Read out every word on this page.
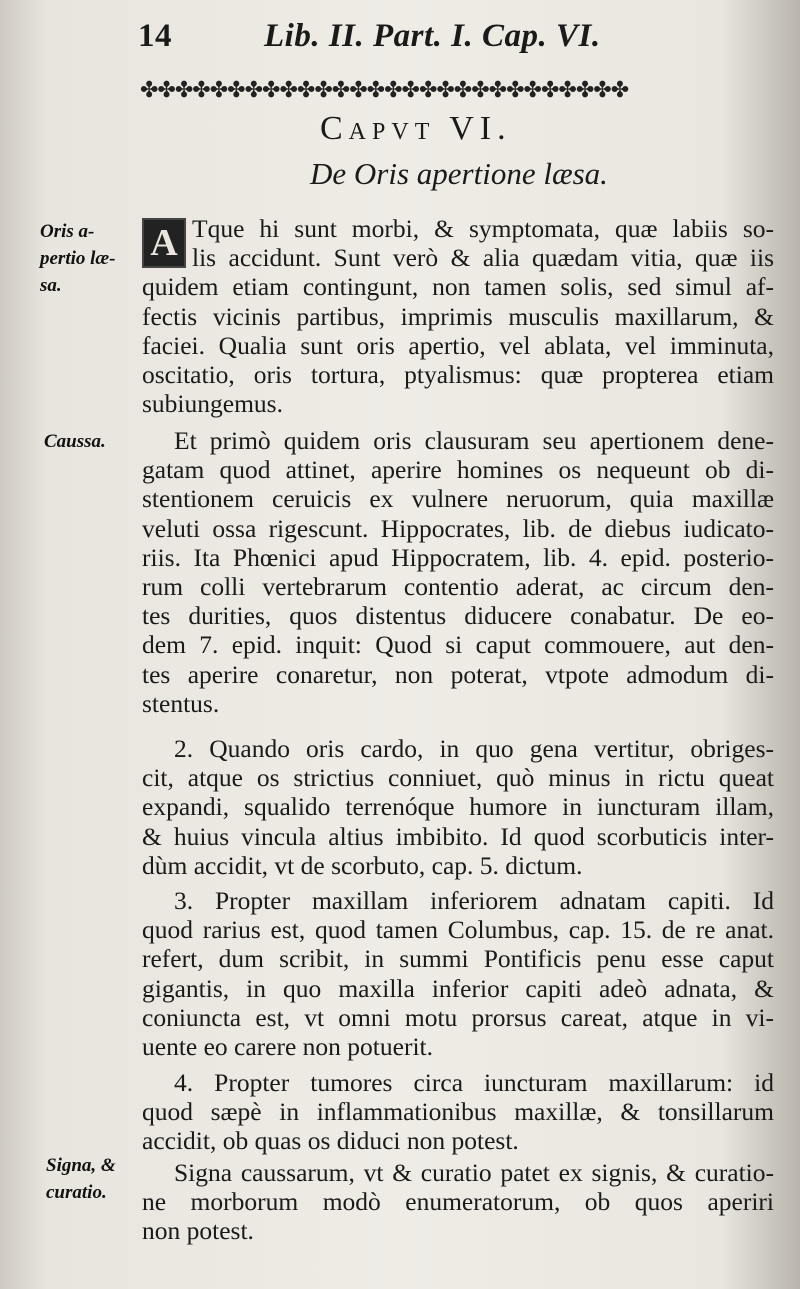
14	Lib. II. Part. I. Cap. VI.
✤✤✤✤✤✤✤✤✤✤✤✤✤✤✤✤✤✤✤✤✤✤✤✤✤✤✤✤
Capvt VI.
De Oris apertione læsa.
Oris a-
pertio læ-
sa.
Caussa.
Signa, &
curatio.
A Tque hi sunt morbi, & symptomata, quæ labiis so-
lis accidunt. Sunt verò & alia quædam vitia, quæ iis
quidem etiam contingunt, non tamen solis, sed simul af-
fectis vicinis partibus, imprimis musculis maxillarum, &
faciei. Qualia sunt oris apertio, vel ablata, vel imminuta,
oscitatio, oris tortura, ptyalismus: quæ propterea etiam
subiungemus.
Et primò quidem oris clausuram seu apertionem dene-
gatam quod attinet, aperire homines os nequeunt ob di-
stentionem ceruicis ex vulnere neruorum, quia maxillæ
veluti ossa rigescunt. Hippocrates, lib. de diebus iudicato-
riis. Ita Phœnici apud Hippocratem, lib. 4. epid. posterio-
rum colli vertebrarum contentio aderat, ac circum den-
tes durities, quos distentus diducere conabatur. De eo-
dem 7. epid. inquit: Quod si caput commouere, aut den-
tes aperire conaretur, non poterat, vtpote admodum di-
stentus.
2. Quando oris cardo, in quo gena vertitur, obriges-
cit, atque os strictius conniuet, quò minus in rictu queat
expandi, squalido terrenóque humore in iuncturam illam,
& huius vincula altius imbibito. Id quod scorbuticis inter-
dùm accidit, vt de scorbuto, cap. 5. dictum.
3. Propter maxillam inferiorem adnatam capiti. Id
quod rarius est, quod tamen Columbus, cap. 15. de re anat.
refert, dum scribit, in summi Pontificis penu esse caput
gigantis, in quo maxilla inferior capiti adeò adnata, &
coniuncta est, vt omni motu prorsus careat, atque in vi-
uente eo carere non potuerit.
4. Propter tumores circa iuncturam maxillarum: id
quod sæpè in inflammationibus maxillæ, & tonsillarum
accidit, ob quas os diduci non potest.
Signa caussarum, vt & curatio patet ex signis, & curatio-
ne morborum modò enumeratorum, ob quos aperiri
non potest.
